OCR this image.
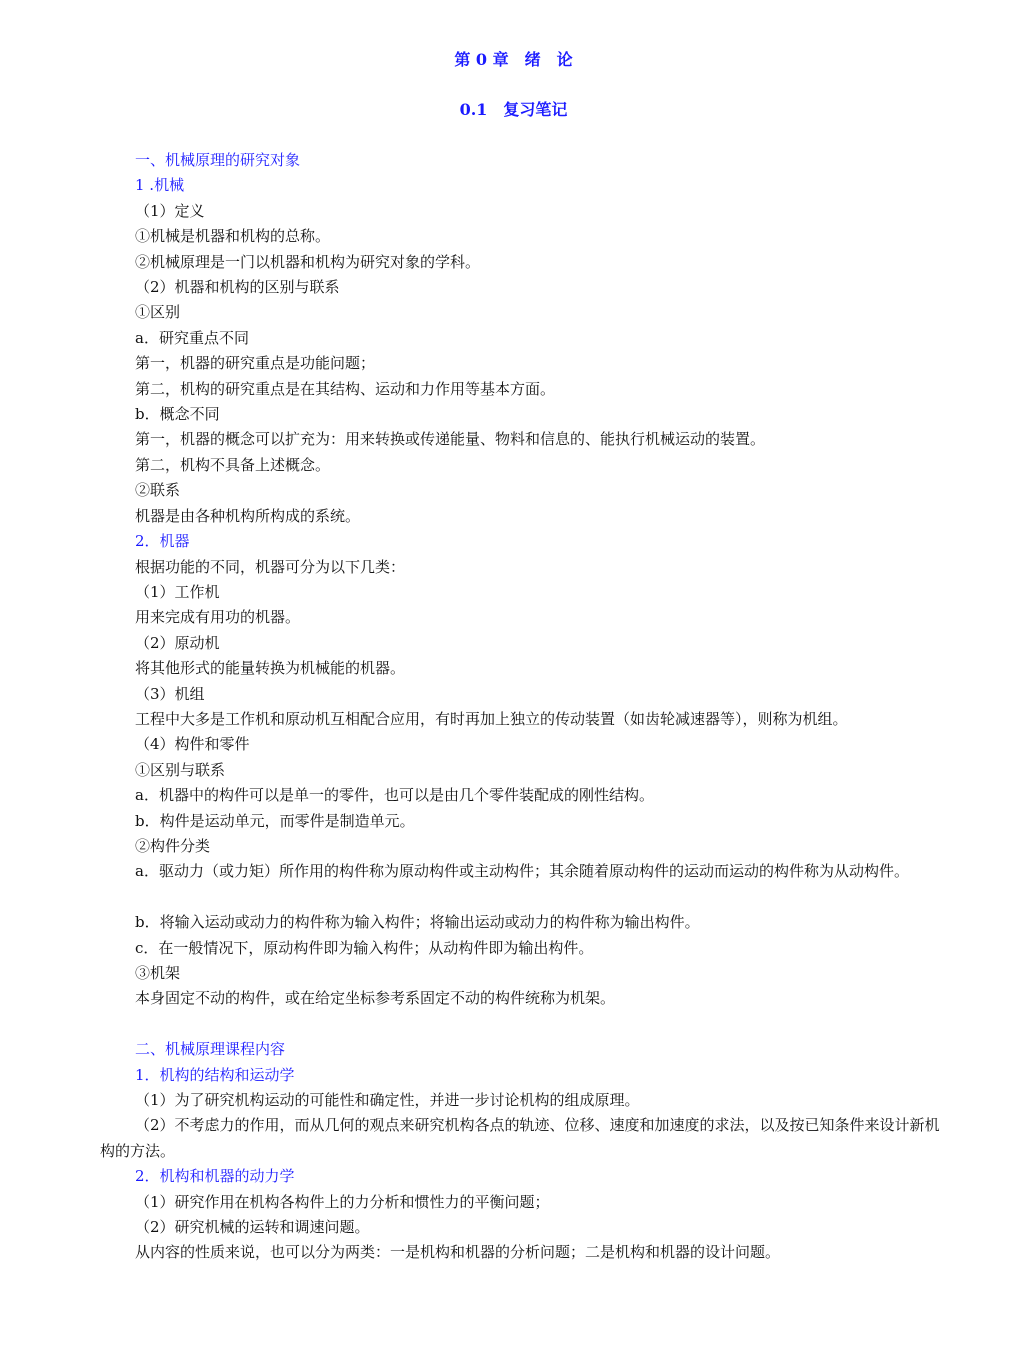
第 0 章　绪　论
0.1　复习笔记
一、机械原理的研究对象
1 .机械
（1）定义
①机械是机器和机构的总称。
②机械原理是一门以机器和机构为研究对象的学科。
（2）机器和机构的区别与联系
①区别
a．研究重点不同
第一，机器的研究重点是功能问题；
第二，机构的研究重点是在其结构、运动和力作用等基本方面。
b．概念不同
第一，机器的概念可以扩充为：用来转换或传递能量、物料和信息的、能执行机械运动的装置。
第二，机构不具备上述概念。
②联系
机器是由各种机构所构成的系统。
2．机器
根据功能的不同，机器可分为以下几类：
（1）工作机
用来完成有用功的机器。
（2）原动机
将其他形式的能量转换为机械能的机器。
（3）机组
工程中大多是工作机和原动机互相配合应用，有时再加上独立的传动装置（如齿轮减速器等），则称为机组。
（4）构件和零件
①区别与联系
a．机器中的构件可以是单一的零件，也可以是由几个零件装配成的刚性结构。
b．构件是运动单元，而零件是制造单元。
②构件分类
a．驱动力（或力矩）所作用的构件称为原动构件或主动构件；其余随着原动构件的运动而运动的构件称为从动构件。
b．将输入运动或动力的构件称为输入构件；将输出运动或动力的构件称为输出构件。
c．在一般情况下，原动构件即为输入构件；从动构件即为输出构件。
③机架
本身固定不动的构件，或在给定坐标参考系固定不动的构件统称为机架。
二、机械原理课程内容
1．机构的结构和运动学
（1）为了研究机构运动的可能性和确定性，并进一步讨论机构的组成原理。
（2）不考虑力的作用，而从几何的观点来研究机构各点的轨迹、位移、速度和加速度的求法，以及按已知条件来设计新机构的方法。
2．机构和机器的动力学
（1）研究作用在机构各构件上的力分析和惯性力的平衡问题；
（2）研究机械的运转和调速问题。
从内容的性质来说，也可以分为两类：一是机构和机器的分析问题；二是机构和机器的设计问题。
